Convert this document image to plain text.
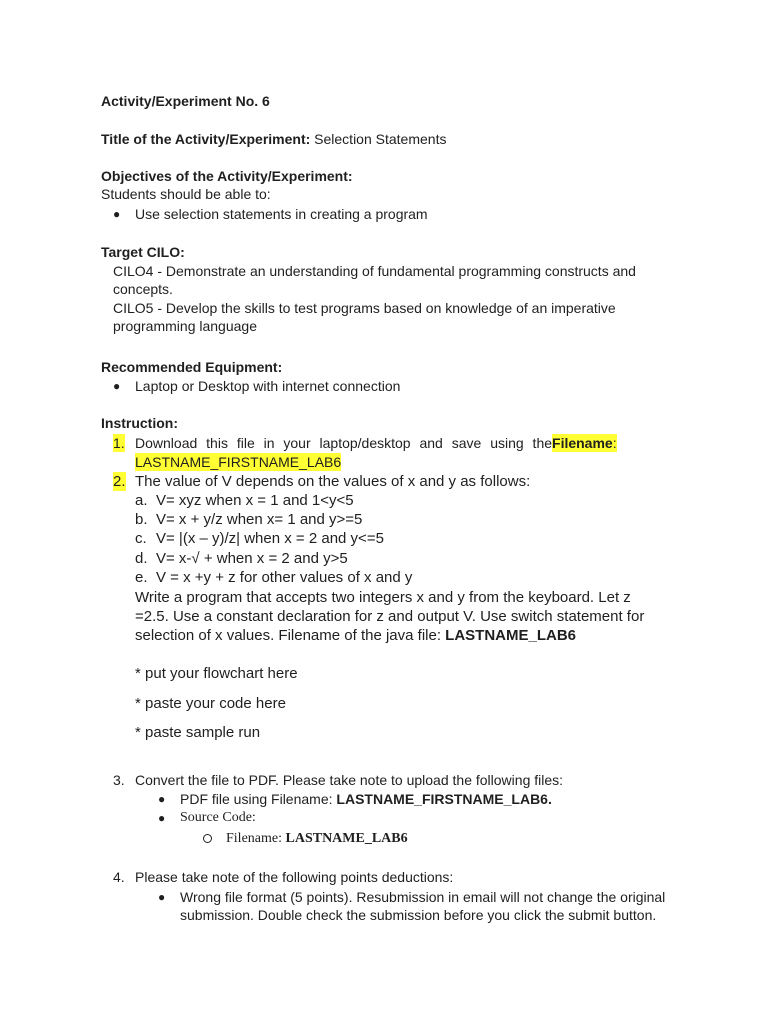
Activity/Experiment No. 6
Title of the Activity/Experiment: Selection Statements
Objectives of the Activity/Experiment:
Students should be able to:
● Use selection statements in creating a program
Target CILO:
CILO4 - Demonstrate an understanding of fundamental programming constructs and
concepts.
CILO5 - Develop the skills to test programs based on knowledge of an imperative
programming language
Recommended Equipment:
● Laptop or Desktop with internet connection
Instruction:
1. Download this file in your laptop/desktop and save using the Filename:
LASTNAME_FIRSTNAME_LAB6
2. The value of V depends on the values of x and y as follows:
a. V= xyz when x = 1 and 1<y<5
b. V= x + y/z when x= 1 and y>=5
c. V= |(x – y)/z| when x = 2 and y<=5
d. V= x-√ + when x = 2 and y>5
e. V = x +y + z for other values of x and y
Write a program that accepts two integers x and y from the keyboard. Let z
=2.5. Use a constant declaration for z and output V. Use switch statement for
selection of x values. Filename of the java file: LASTNAME_LAB6
* put your flowchart here
* paste your code here
* paste sample run
3. Convert the file to PDF. Please take note to upload the following files:
● PDF file using Filename: LASTNAME_FIRSTNAME_LAB6.
● Source Code:
Filename: LASTNAME_LAB6
4. Please take note of the following points deductions:
● Wrong file format (5 points). Resubmission in email will not change the original
submission. Double check the submission before you click the submit button.
